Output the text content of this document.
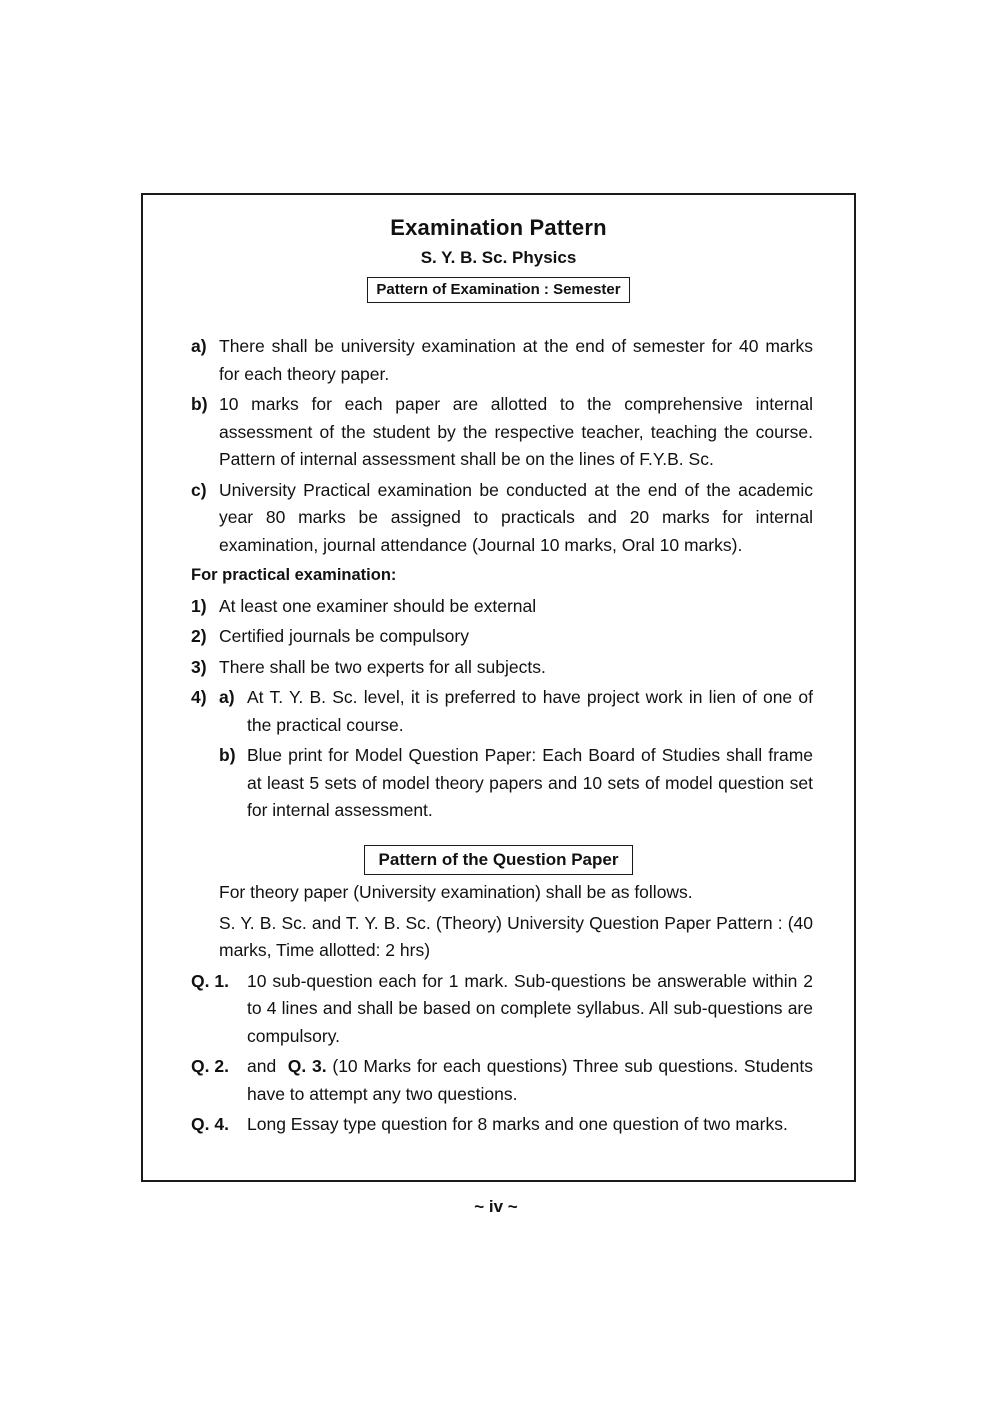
Examination Pattern
S. Y. B. Sc. Physics
Pattern of Examination : Semester
a) There shall be university examination at the end of semester for 40 marks for each theory paper.
b) 10 marks for each paper are allotted to the comprehensive internal assessment of the student by the respective teacher, teaching the course. Pattern of internal assessment shall be on the lines of F.Y.B. Sc.
c) University Practical examination be conducted at the end of the academic year 80 marks be assigned to practicals and 20 marks for internal examination, journal attendance (Journal 10 marks, Oral 10 marks).
For practical examination:
1) At least one examiner should be external
2) Certified journals be compulsory
3) There shall be two experts for all subjects.
4) a) At T. Y. B. Sc. level, it is preferred to have project work in lien of one of the practical course.
b) Blue print for Model Question Paper: Each Board of Studies shall frame at least 5 sets of model theory papers and 10 sets of model question set for internal assessment.
Pattern of the Question Paper
For theory paper (University examination) shall be as follows.
S. Y. B. Sc. and T. Y. B. Sc. (Theory) University Question Paper Pattern : (40 marks, Time allotted: 2 hrs)
Q. 1. 10 sub-question each for 1 mark. Sub-questions be answerable within 2 to 4 lines and shall be based on complete syllabus. All sub-questions are compulsory.
Q. 2. and Q. 3. (10 Marks for each questions) Three sub questions. Students have to attempt any two questions.
Q. 4. Long Essay type question for 8 marks and one question of two marks.
~ iv ~
